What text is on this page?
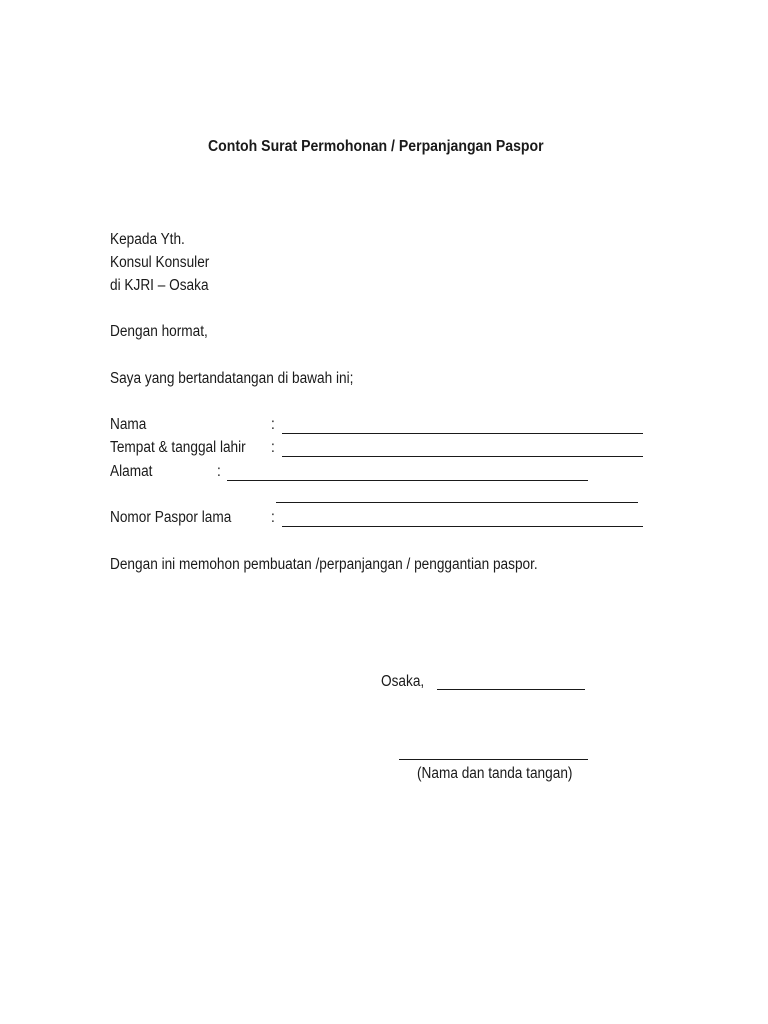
Contoh Surat Permohonan / Perpanjangan Paspor
Kepada Yth.
Konsul Konsuler
di KJRI – Osaka
Dengan hormat,
Saya yang bertandatangan di bawah ini;
Nama	:
Tempat & tanggal lahir :
Alamat	:
Nomor Paspor lama	:
Dengan ini memohon pembuatan /perpanjangan / penggantian paspor.
Osaka,
(Nama dan tanda tangan)
